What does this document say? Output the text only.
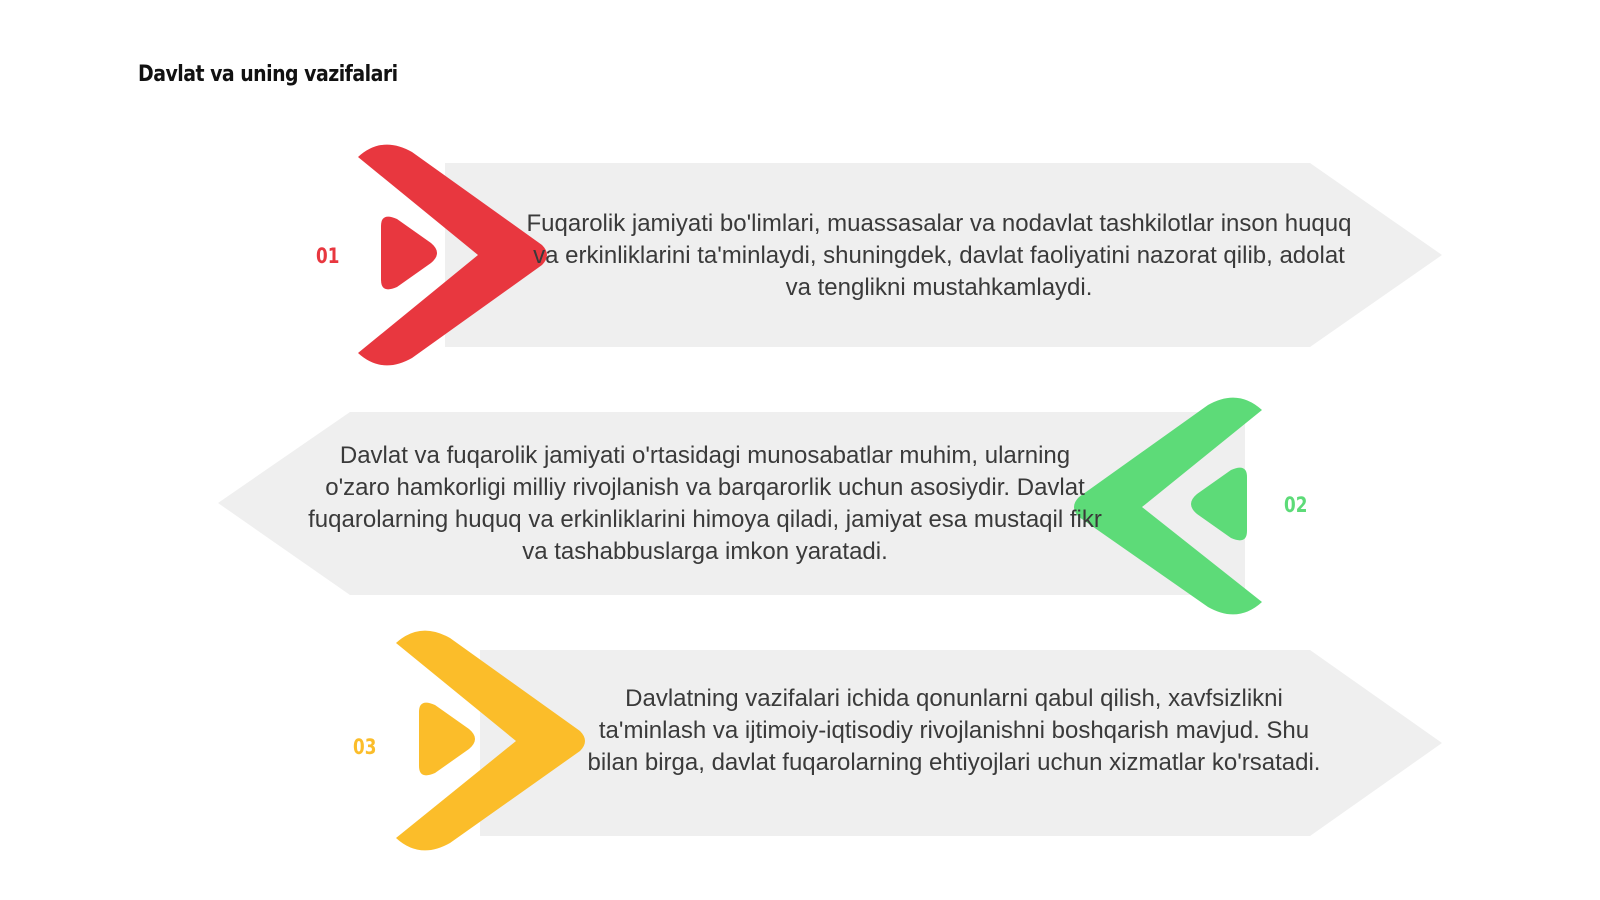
Davlat va uning vazifalari
01

Fuqarolik jamiyati bo'limlari, muassasalar va nodavlat tashkilotlar inson huquq va erkinliklarini ta'minlaydi, shuningdek, davlat faoliyatini nazorat qilib, adolat va tenglikni mustahkamlaydi.

02

Davlat va fuqarolik jamiyati o'rtasidagi munosabatlar muhim, ularning o'zaro hamkorligi milliy rivojlanish va barqarorlik uchun asosiydir. Davlat fuqarolarning huquq va erkinliklarini himoya qiladi, jamiyat esa mustaqil fikr va tashabbuslarga imkon yaratadi.

03

Davlatning vazifalari ichida qonunlarni qabul qilish, xavfsizlikni ta'minlash va ijtimoiy-iqtisodiy rivojlanishni boshqarish mavjud. Shu bilan birga, davlat fuqarolarning ehtiyojlari uchun xizmatlar ko'rsatadi.
